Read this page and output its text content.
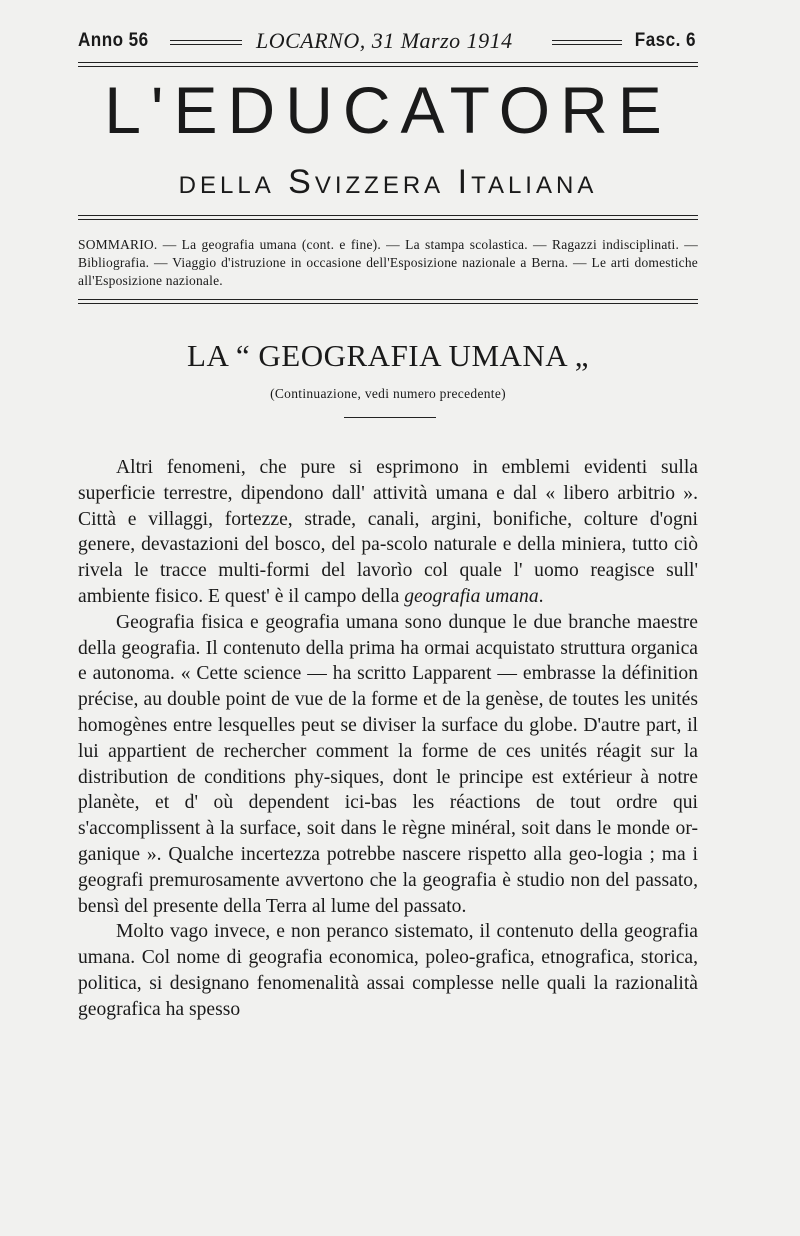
Anno 56	LOCARNO, 31 Marzo 1914	Fasc. 6
L'EDUCATORE
della Svizzera Italiana
SOMMARIO. — La geografia umana (cont. e fine). — La stampa scolastica. — Ragazzi indisciplinati. — Bibliografia. — Viaggio d'istruzione in occasione dell'Esposizione nazionale a Berna. — Le arti domestiche all'Esposizione nazionale.
LA “ GEOGRAFIA UMANA „
(Continuazione, vedi numero precedente)

Altri fenomeni, che pure si esprimono in emblemi evidenti sulla superficie terrestre, dipendono dall' attività umana e dal « libero arbitrio ». Città e villaggi, fortezze, strade, canali, argini, bonifiche, colture d'ogni genere, devastazioni del bosco, del pa-scolo naturale e della miniera, tutto ciò rivela le tracce multi-formi del lavorìo col quale l' uomo reagisce sull' ambiente fisico. E quest' è il campo della geografia umana.

Geografia fisica e geografia umana sono dunque le due branche maestre della geografia. Il contenuto della prima ha ormai acquistato struttura organica e autonoma. « Cette science — ha scritto Lapparent — embrasse la définition précise, au double point de vue de la forme et de la genèse, de toutes les unités homogènes entre lesquelles peut se diviser la surface du globe. D'autre part, il lui appartient de rechercher comment la forme de ces unités réagit sur la distribution de conditions phy-siques, dont le principe est extérieur à notre planète, et d' où dependent ici-bas les réactions de tout ordre qui s'accomplissent à la surface, soit dans le règne minéral, soit dans le monde or-ganique ». Qualche incertezza potrebbe nascere rispetto alla geo-logia ; ma i geografi premurosamente avvertono che la geografia è studio non del passato, bensì del presente della Terra al lume del passato.

Molto vago invece, e non peranco sistemato, il contenuto della geografia umana. Col nome di geografia economica, poleo-grafica, etnografica, storica, politica, si designano fenomenalità assai complesse nelle quali la razionalità geografica ha spesso
